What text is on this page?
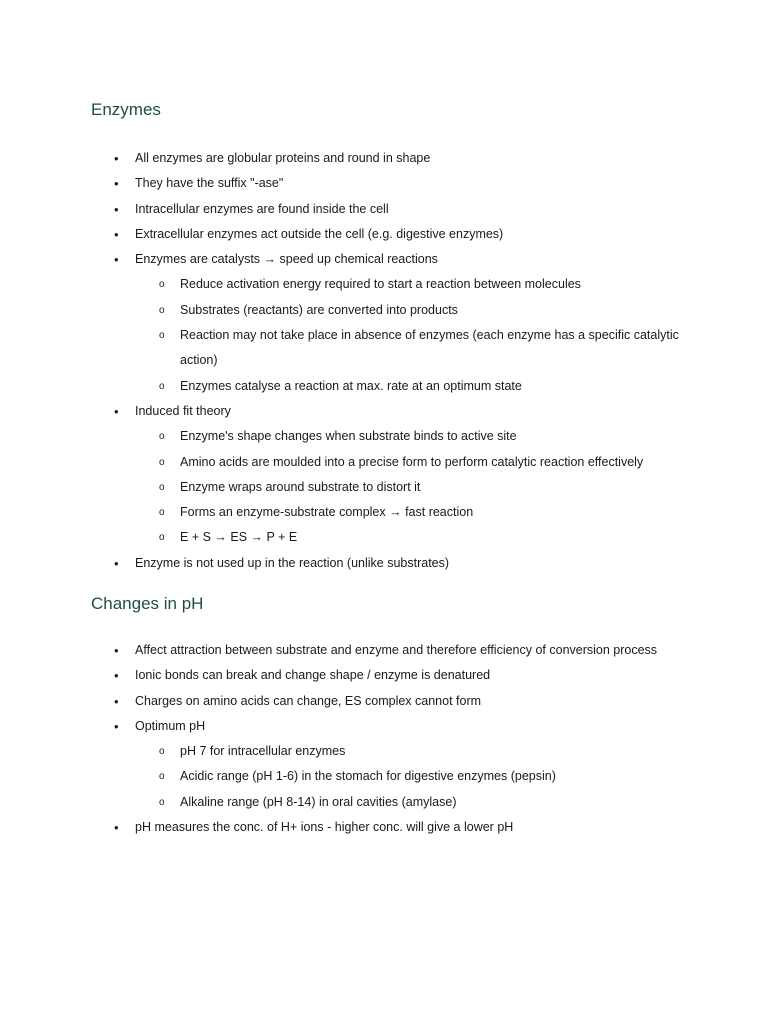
Enzymes
• All enzymes are globular proteins and round in shape
• They have the suffix "-ase"
• Intracellular enzymes are found inside the cell
• Extracellular enzymes act outside the cell (e.g. digestive enzymes)
• Enzymes are catalysts → speed up chemical reactions
o Reduce activation energy required to start a reaction between molecules
o Substrates (reactants) are converted into products
o Reaction may not take place in absence of enzymes (each enzyme has a specific catalytic action)
o Enzymes catalyse a reaction at max. rate at an optimum state
• Induced fit theory
o Enzyme's shape changes when substrate binds to active site
o Amino acids are moulded into a precise form to perform catalytic reaction effectively
o Enzyme wraps around substrate to distort it
o Forms an enzyme-substrate complex → fast reaction
o E + S → ES → P + E
• Enzyme is not used up in the reaction (unlike substrates)
Changes in pH
• Affect attraction between substrate and enzyme and therefore efficiency of conversion process
• Ionic bonds can break and change shape / enzyme is denatured
• Charges on amino acids can change, ES complex cannot form
• Optimum pH
o pH 7 for intracellular enzymes
o Acidic range (pH 1-6) in the stomach for digestive enzymes (pepsin)
o Alkaline range (pH 8-14) in oral cavities (amylase)
• pH measures the conc. of H+ ions - higher conc. will give a lower pH
